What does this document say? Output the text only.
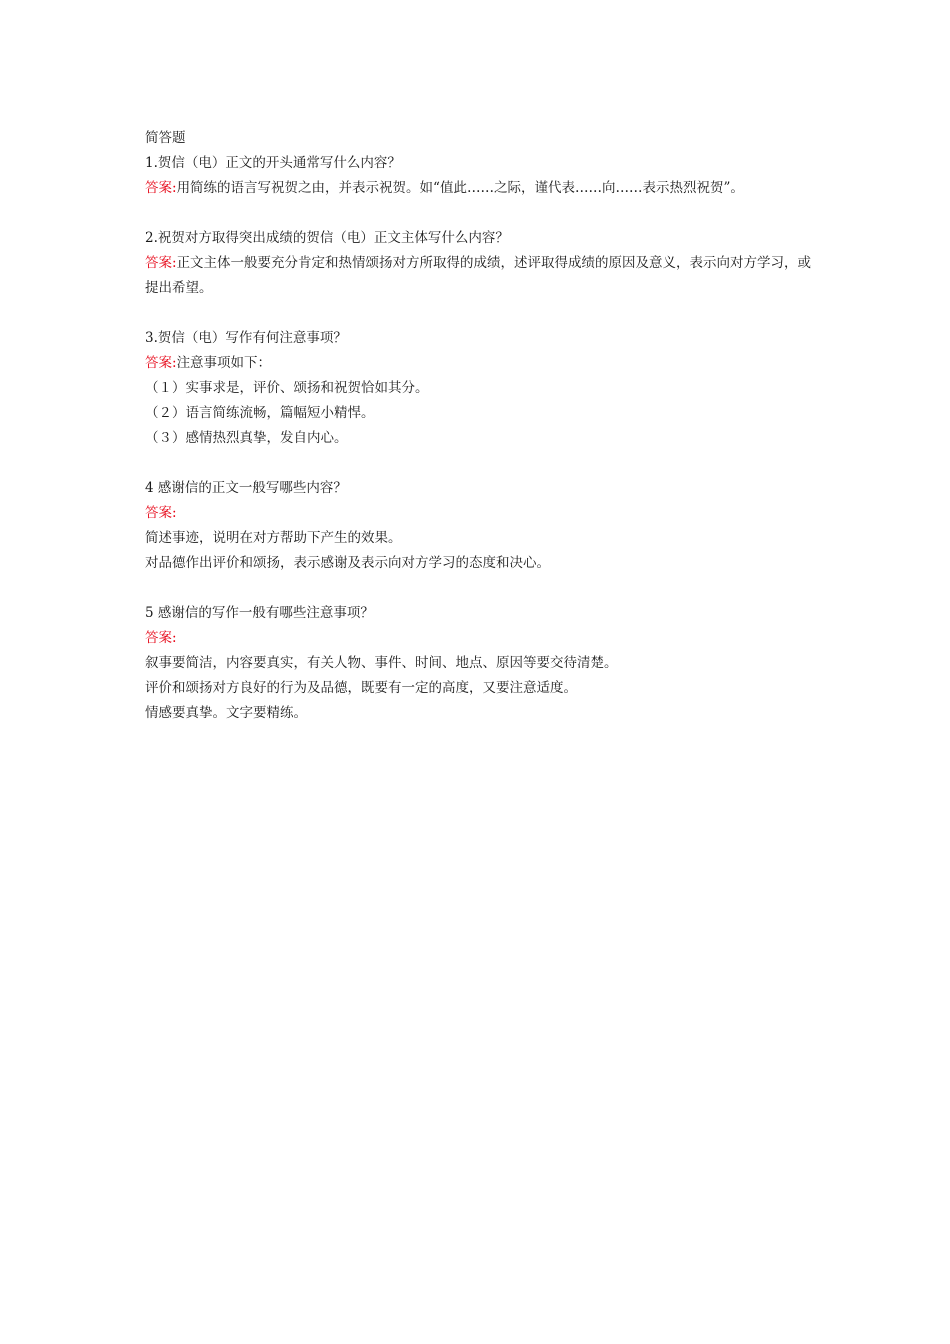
简答题
1.贺信（电）正文的开头通常写什么内容？
答案:用简练的语言写祝贺之由，并表示祝贺。如“值此……之际，谨代表……向……表示热烈祝贺”。
2.祝贺对方取得突出成绩的贺信（电）正文主体写什么内容？
答案:正文主体一般要充分肯定和热情颂扬对方所取得的成绩，述评取得成绩的原因及意义，表示向对方学习，或提出希望。
3.贺信（电）写作有何注意事项？
答案:注意事项如下：
（１）实事求是，评价、颂扬和祝贺恰如其分。
（２）语言简练流畅，篇幅短小精悍。
（３）感情热烈真挚，发自内心。
4 感谢信的正文一般写哪些内容？
答案:
简述事迹，说明在对方帮助下产生的效果。
对品德作出评价和颂扬，表示感谢及表示向对方学习的态度和决心。
5 感谢信的写作一般有哪些注意事项？
答案:
叙事要简洁，内容要真实，有关人物、事件、时间、地点、原因等要交待清楚。
评价和颂扬对方良好的行为及品德，既要有一定的高度，又要注意适度。
情感要真挚。文字要精练。
